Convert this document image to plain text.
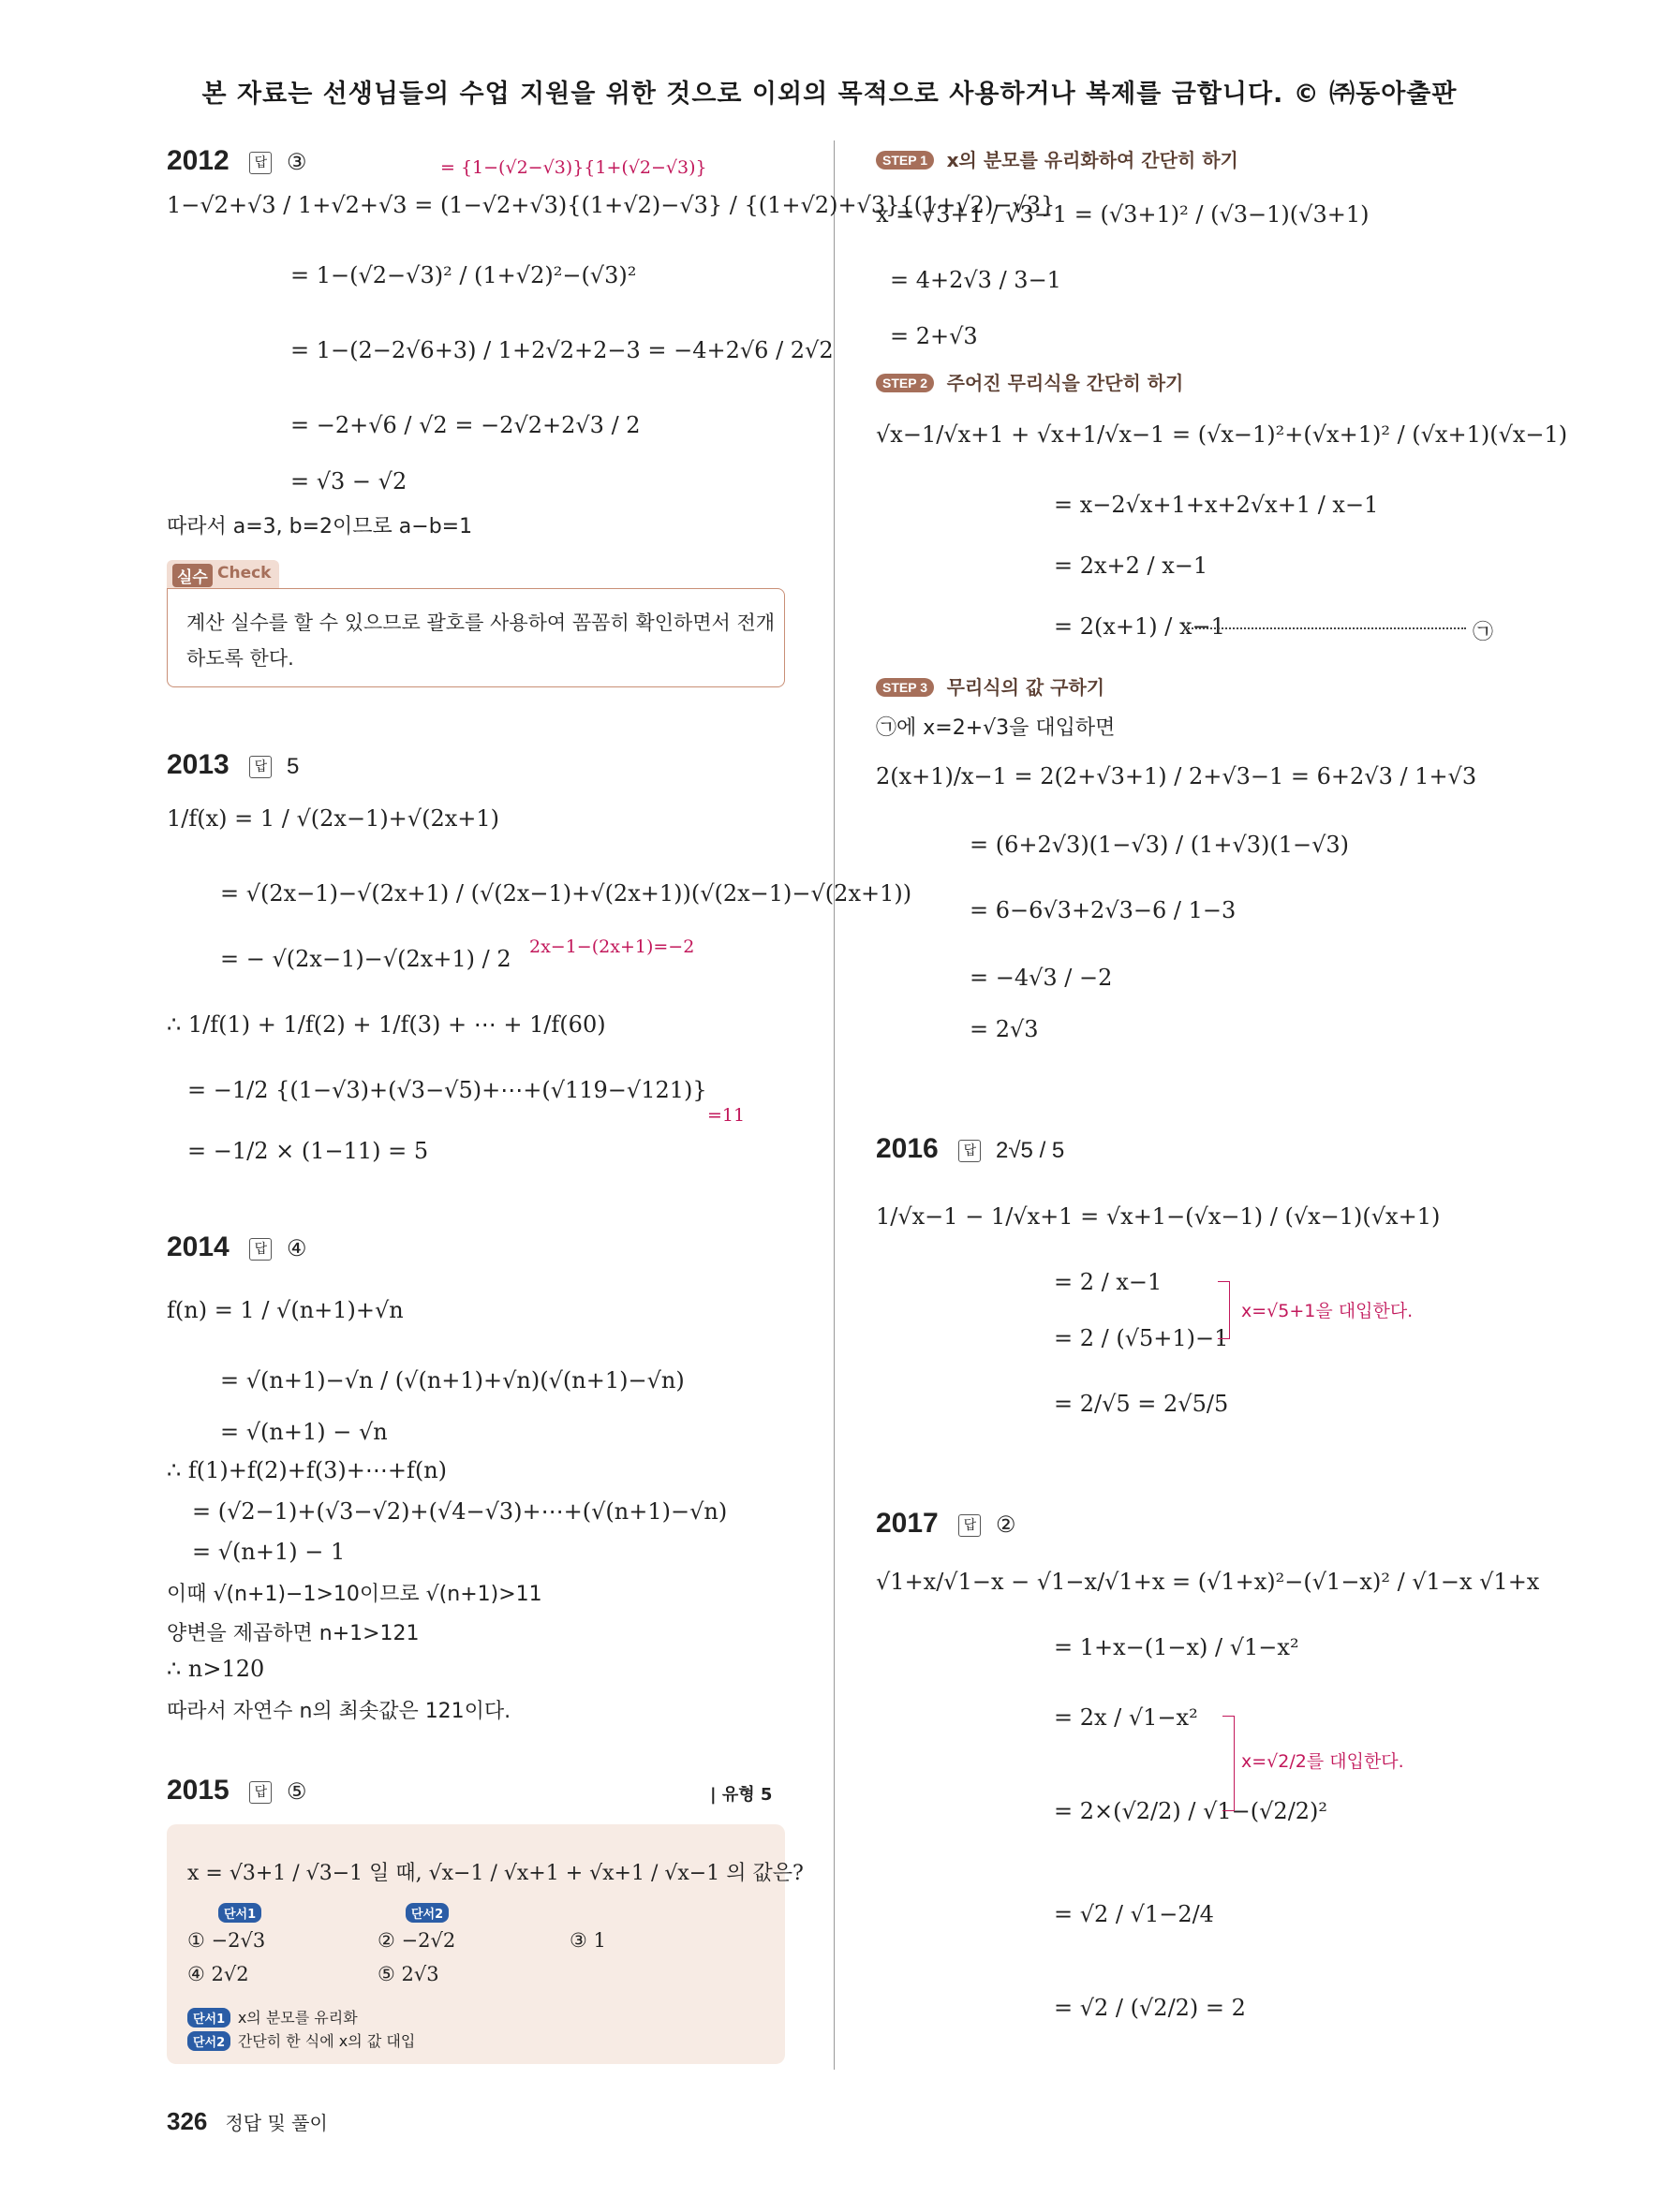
본 자료는 선생님들의 수업 지원을 위한 것으로 이외의 목적으로 사용하거나 복제를 금합니다. © ㈜동아출판
2012 답 ③	= {1−(√2−√3)}{1+(√2−√3)}
1−√2+√3 / 1+√2+√3 = (1−√2+√3){(1+√2)−√3} / {(1+√2)+√3}{(1+√2)−√3}
= 1−(√2−√3)² / (1+√2)²−(√3)²
= 1−(2−2√6+3) / 1+2√2+2−3 = −4+2√6 / 2√2
= −2+√6 / √2 = −2√2+2√3 / 2
= √3 − √2
따라서 a=3, b=2이므로 a−b=1
실수 Check
계산 실수를 할 수 있으므로 괄호를 사용하여 꼼꼼히 확인하면서 전개
하도록 한다.
2013 답 5
1/f(x) = 1 / √(2x−1)+√(2x+1)
= √(2x−1)−√(2x+1) / (√(2x−1)+√(2x+1))(√(2x−1)−√(2x+1))
= − √(2x−1)−√(2x+1) / 2 2x−1−(2x+1)=−2
∴ 1/f(1) + 1/f(2) + 1/f(3) + ⋯ + 1/f(60)
= −1/2 {(1−√3)+(√3−√5)+⋯+(√119−√121)}
=11
= −1/2 × (1−11) = 5
2014 답 ④
f(n) = 1 / √(n+1)+√n
= √(n+1)−√n / (√(n+1)+√n)(√(n+1)−√n)
= √(n+1) − √n
∴ f(1)+f(2)+f(3)+⋯+f(n)
= (√2−1)+(√3−√2)+(√4−√3)+⋯+(√(n+1)−√n)
= √(n+1) − 1
이때 √(n+1)−1>10이므로 √(n+1)>11
양변을 제곱하면 n+1>121
∴ n>120
따라서 자연수 n의 최솟값은 121이다.
2015 답 ⑤	| 유형 5
x = √3+1 / √3−1 일 때, √x−1 / √x+1 + √x+1 / √x−1 의 값은?
단서1	단서2
① −2√3	② −2√2	③ 1
④ 2√2	⑤ 2√3
단서1 x의 분모를 유리화
단서2 간단히 한 식에 x의 값 대입
STEP 1 x의 분모를 유리화하여 간단히 하기
x = √3+1 / √3−1 = (√3+1)² / (√3−1)(√3+1)
= 4+2√3 / 3−1
= 2+√3
STEP 2 주어진 무리식을 간단히 하기
√x−1/√x+1 + √x+1/√x−1 = (√x−1)²+(√x+1)² / (√x+1)(√x−1)
= x−2√x+1+x+2√x+1 / x−1
= 2x+2 / x−1
= 2(x+1) / x−1	㉠
STEP 3 무리식의 값 구하기
㉠에 x=2+√3을 대입하면
2(x+1)/x−1 = 2(2+√3+1) / 2+√3−1 = 6+2√3 / 1+√3
= (6+2√3)(1−√3) / (1+√3)(1−√3)
= 6−6√3+2√3−6 / 1−3
= −4√3 / −2
= 2√3
2016 답 2√5 / 5
1/√x−1 − 1/√x+1 = √x+1−(√x−1) / (√x−1)(√x+1)
= 2 / x−1
= 2 / (√5+1)−1
= 2/√5 = 2√5/5
x=√5+1을 대입한다.
2017 답 ②
√1+x/√1−x − √1−x/√1+x = (√1+x)²−(√1−x)² / √1−x √1+x
= 1+x−(1−x) / √1−x²
= 2x / √1−x²
= 2×(√2/2) / √1−(√2/2)²
= √2 / √1−2/4
= √2 / (√2/2) = 2
x=√2/2를 대입한다.
326 정답 및 풀이
